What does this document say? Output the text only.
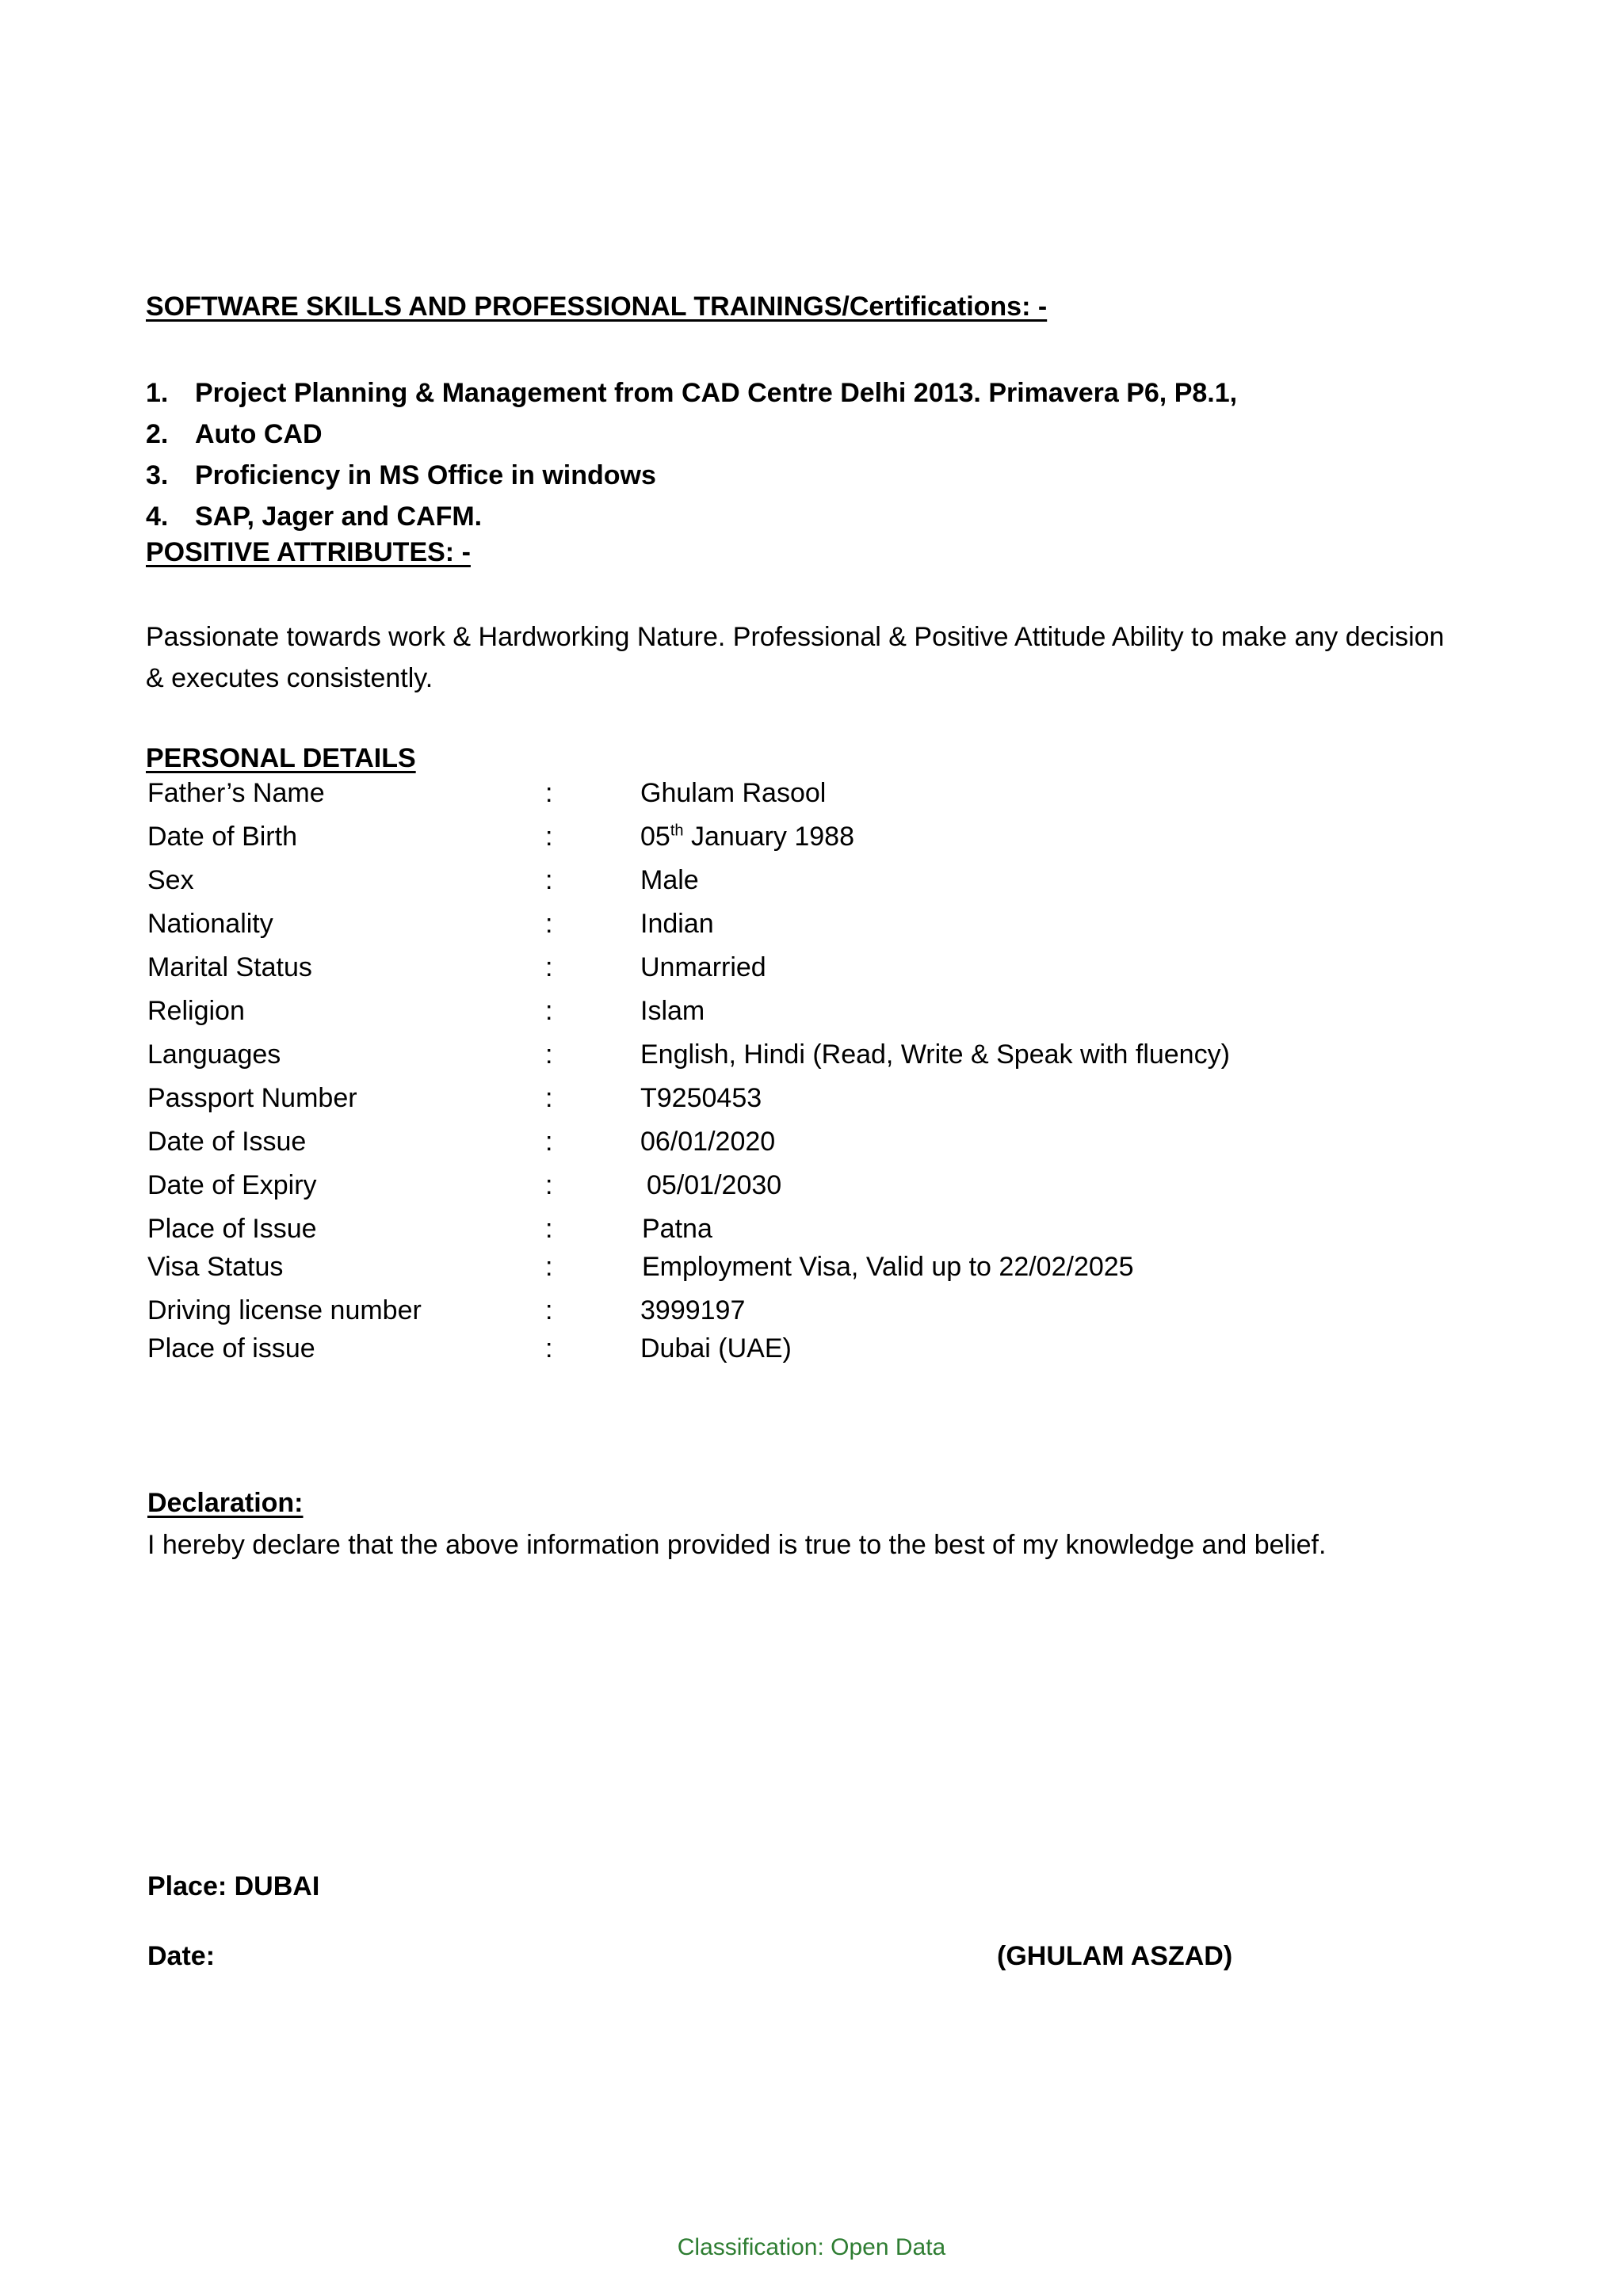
SOFTWARE SKILLS AND PROFESSIONAL TRAININGS/Certifications: -
1. Project Planning & Management from CAD Centre Delhi 2013. Primavera P6, P8.1,
2. Auto CAD
3. Proficiency in MS Office in windows
4. SAP, Jager and CAFM.
POSITIVE ATTRIBUTES: -
Passionate towards work & Hardworking Nature. Professional & Positive Attitude Ability to make any decision & executes consistently.
PERSONAL DETAILS
Father’s Name	:	Ghulam Rasool
Date of Birth	:	05th January 1988
Sex	:	Male
Nationality	:	Indian
Marital Status	:	Unmarried
Religion	:	Islam
Languages	:	English, Hindi (Read, Write & Speak with fluency)
Passport Number	:	T9250453
Date of Issue	:	06/01/2020
Date of Expiry	:	05/01/2030
Place of Issue	:	Patna
Visa Status	:	Employment Visa, Valid up to 22/02/2025
Driving license number	:	3999197
Place of issue	:	Dubai (UAE)
Declaration:
I hereby declare that the above information provided is true to the best of my knowledge and belief.
Place: DUBAI
Date:	(GHULAM ASZAD)
Classification: Open Data
